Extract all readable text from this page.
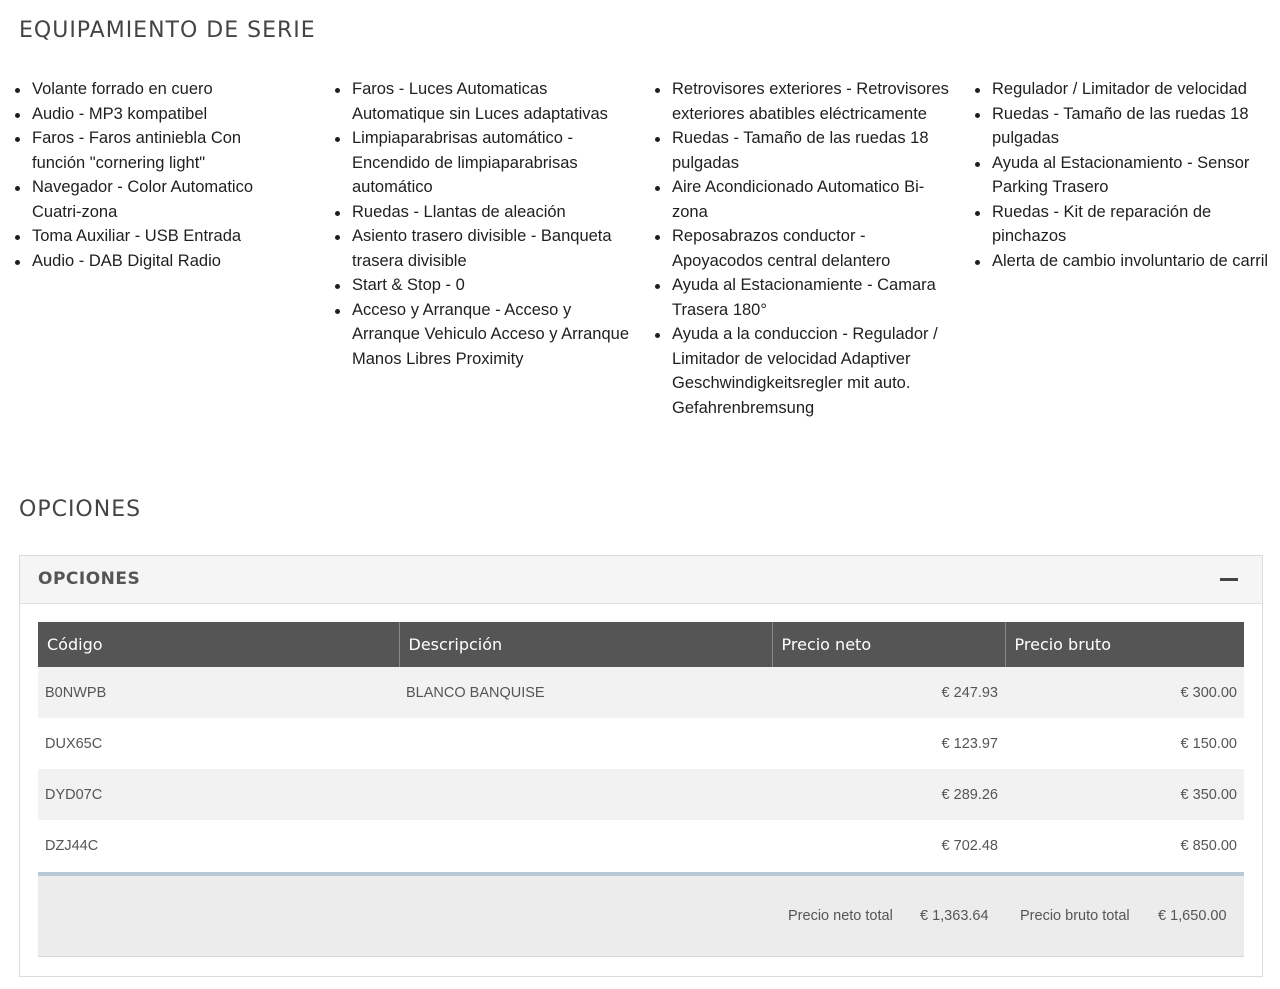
EQUIPAMIENTO DE SERIE
Volante forrado en cuero
Audio - MP3 kompatibel
Faros - Faros antiniebla Con función "cornering light"
Navegador - Color Automatico Cuatri-zona
Toma Auxiliar - USB Entrada
Audio - DAB Digital Radio
Faros - Luces Automaticas Automatique sin Luces adaptativas
Limpiaparabrisas automático - Encendido de limpiaparabrisas automático
Ruedas - Llantas de aleación
Asiento trasero divisible - Banqueta trasera divisible
Start & Stop - 0
Acceso y Arranque - Acceso y Arranque Vehiculo Acceso y Arranque Manos Libres Proximity
Retrovisores exteriores - Retrovisores exteriores abatibles eléctricamente
Ruedas - Tamaño de las ruedas 18 pulgadas
Aire Acondicionado Automatico Bi-zona
Reposabrazos conductor - Apoyacodos central delantero
Ayuda al Estacionamiente - Camara Trasera 180°
Ayuda a la conduccion - Regulador / Limitador de velocidad Adaptiver Geschwindigkeitsregler mit auto. Gefahrenbremsung
Regulador / Limitador de velocidad
Ruedas - Tamaño de las ruedas 18 pulgadas
Ayuda al Estacionamiento - Sensor Parking Trasero
Ruedas - Kit de reparación de pinchazos
Alerta de cambio involuntario de carril
OPCIONES
OPCIONES
Código	Descripción	Precio neto	Precio bruto
B0NWPB	BLANCO BANQUISE	€ 247.93	€ 300.00
DUX65C		€ 123.97	€ 150.00
DYD07C		€ 289.26	€ 350.00
DZJ44C		€ 702.48	€ 850.00
Precio neto total € 1,363.64 Precio bruto total € 1,650.00
